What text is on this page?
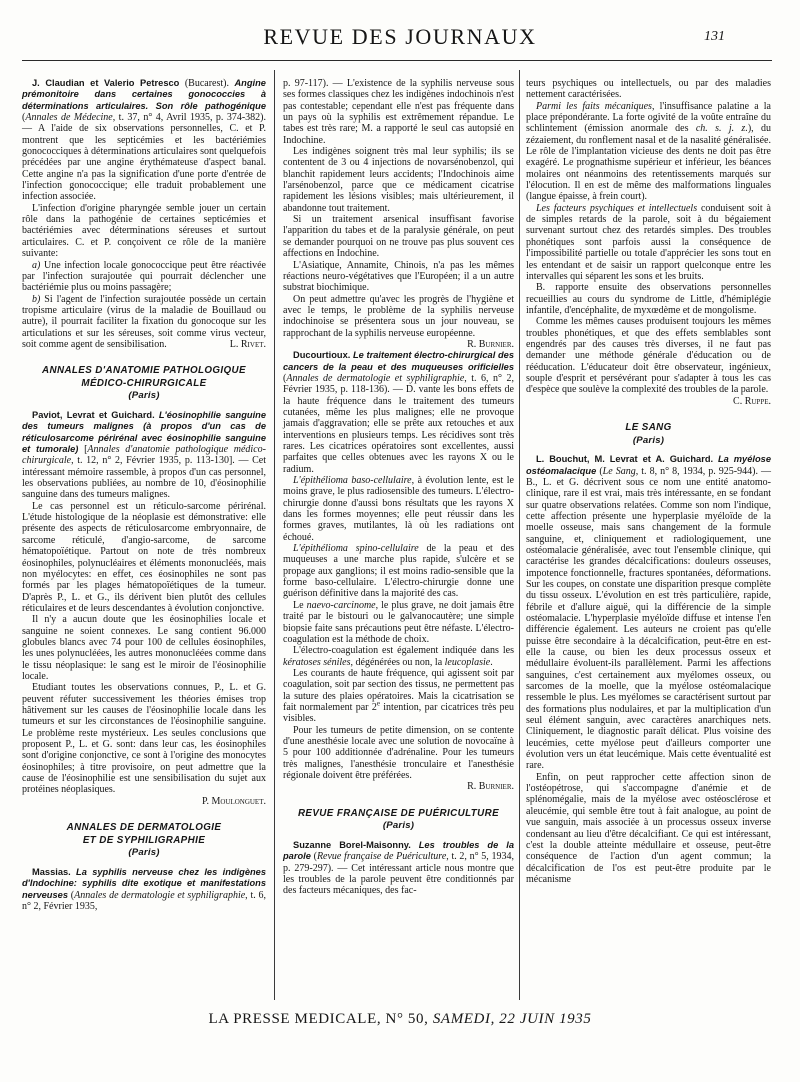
REVUE DES JOURNAUX	131

J. Claudian et Valerio Petresco (Bucarest). Angine prémonitoire dans certaines gonococcies à déterminations articulaires. Son rôle pathogénique (Annales de Médecine, t. 37, n° 4, Avril 1935, p. 374-382). — A l'aide de six observations personnelles, C. et P. montrent que les septicémies et les bactériémies gonococciques à déterminations articulaires sont quelquefois précédées par une angine érythémateuse d'aspect banal. Cette angine n'a pas la signification d'une porte d'entrée de l'infection gonococcique; elle traduit probablement une infection associée.

L'infection d'origine pharyngée semble jouer un certain rôle dans la pathogénie de certaines septicémies et bactériémies avec déterminations séreuses et surtout articulaires. C. et P. conçoivent ce rôle de la manière suivante:

a) Une infection locale gonococcique peut être réactivée par l'infection surajoutée qui pourrait déclencher une bactériémie plus ou moins passagère;

b) Si l'agent de l'infection surajoutée possède un certain tropisme articulaire (virus de la maladie de Bouillaud ou autre), il pourrait faciliter la fixation du gonocoque sur les articulations et sur les séreuses, soit comme virus vecteur, soit comme agent de sensibilisation.	L. Rivet.

ANNALES D'ANATOMIE PATHOLOGIQUE
MÉDICO-CHIRURGICALE
(Paris)

Paviot, Levrat et Guichard. L'éosinophilie sanguine des tumeurs malignes (à propos d'un cas de réticulosarcome périrénal avec éosinophilie sanguine et tumorale) [Annales d'anatomie pathologique médico-chirurgicale, t. 12, n° 2, Février 1935, p. 113-130]. — Cet intéressant mémoire rassemble, à propos d'un cas personnel, les observations publiées, au nombre de 10, d'éosinophilie sanguine dans des tumeurs malignes.

Le cas personnel est un réticulo-sarcome périrénal. L'étude histologique de la néoplasie est démonstrative: elle présente des aspects de réticulosarcome embryonnaire, de sarcome réticulé, d'angio-sarcome, de sarcome hématopoïétique. Partout on note de très nombreux éosinophiles, polynucléaires et éléments mononucléés, mais non myélocytes: en effet, ces éosinophiles ne sont pas formés par les plages hématopoïétiques de la tumeur. D'après P., L. et G., ils dérivent bien plutôt des cellules réticulaires et de leurs descendantes à évolution conjonctive.

Il n'y a aucun doute que les éosinophilies locale et sanguine ne soient connexes. Le sang contient 96.000 globules blancs avec 74 pour 100 de cellules éosinophiles, les unes polynucléées, les autres mononucléées comme dans le tissu néoplasique: le sang est le miroir de l'éosinophilie locale.

Etudiant toutes les observations connues, P., L. et G. peuvent réfuter successivement les théories émises trop hâtivement sur les causes de l'éosinophilie locale dans les tumeurs et sur les circonstances de l'éosinophilie sanguine. Le problème reste mystérieux. Les seules conclusions que proposent P., L. et G. sont: dans leur cas, les éosinophiles sont d'origine conjonctive, ce sont à l'origine des monocytes éosinophiles; à titre provisoire, on peut admettre que la cause de l'éosinophilie est une sensibilisation du sujet aux protéines néoplasiques.

P. Moulonguet.

ANNALES DE DERMATOLOGIE
ET DE SYPHILIGRAPHIE
(Paris)

Massias. La syphilis nerveuse chez les indigènes d'Indochine: syphilis dite exotique et manifestations nerveuses (Annales de dermatologie et syphiligraphie, t. 6, n° 2, Février 1935,

p. 97-117). — L'existence de la syphilis nerveuse sous ses formes classiques chez les indigènes indochinois n'est pas contestable; cependant elle n'est pas fréquente dans un pays où la syphilis est extrêmement répandue. Le tabes est très rare; M. a rapporté le seul cas autopsié en Indochine.

Les indigènes soignent très mal leur syphilis; ils se contentent de 3 ou 4 injections de novarsénobenzol, qui blanchit rapidement leurs accidents; l'Indochinois aime l'arsénobenzol, parce que ce médicament cicatrise rapidement les lésions visibles; mais ultérieurement, il abandonne tout traitement.

Si un traitement arsenical insuffisant favorise l'apparition du tabes et de la paralysie générale, on peut se demander pourquoi on ne trouve pas plus souvent ces affections en Indochine.

L'Asiatique, Annamite, Chinois, n'a pas les mêmes réactions neuro-végétatives que l'Européen; il a un autre substrat biochimique.

On peut admettre qu'avec les progrès de l'hygiène et avec le temps, le problème de la syphilis nerveuse indochinoise se présentera sous un jour nouveau, se rapprochant de la syphilis nerveuse européenne.

R. Burnier.

Ducourtioux. Le traitement électro-chirurgical des cancers de la peau et des muqueuses orificielles (Annales de dermatologie et syphiligraphie, t. 6, n° 2, Février 1935, p. 118-136). — D. vante les bons effets de la haute fréquence dans le traitement des tumeurs cutanées, même les plus malignes; elle ne provoque jamais d'aggravation; elle se prête aux retouches et aux interventions en plusieurs temps. Les récidives sont très rares. Les cicatrices opératoires sont excellentes, aussi parfaites que celles obtenues avec les rayons X ou le radium.

L'épithélioma baso-cellulaire, à évolution lente, est le moins grave, le plus radiosensible des tumeurs. L'électro-chirurgie donne d'aussi bons résultats que les rayons X dans les formes moyennes; elle peut réussir dans les formes graves, mutilantes, là où les radiations ont échoué.

L'épithélioma spino-cellulaire de la peau et des muqueuses a une marche plus rapide, s'ulcère et se propage aux ganglions; il est moins radio-sensible que la forme baso-cellulaire. L'électro-chirurgie donne une guérison définitive dans la majorité des cas.

Le naevo-carcinome, le plus grave, ne doit jamais être traité par le bistouri ou le galvanocautère; une simple biopsie faite sans précautions peut être néfaste. L'électro-coagulation est la méthode de choix.

L'électro-coagulation est également indiquée dans les kératoses séniles, dégénérées ou non, la leucoplasie.

Les courants de haute fréquence, qui agissent soit par coagulation, soit par section des tissus, ne permettent pas la suture des plaies opératoires. Mais la cicatrisation se fait normalement par 2e intention, par cicatrices très peu visibles.

Pour les tumeurs de petite dimension, on se contente d'une anesthésie locale avec une solution de novocaïne à 5 pour 100 additionnée d'adrénaline. Pour les tumeurs très malignes, l'anesthésie tronculaire et l'anesthésie régionale doivent être préférées.

R. Burnier.

REVUE FRANÇAISE DE PUÉRICULTURE
(Paris)

Suzanne Borel-Maisonny. Les troubles de la parole (Revue française de Puériculture, t. 2, n° 5, 1934, p. 279-297). — Cet intéressant article nous montre que les troubles de la parole peuvent être conditionnés par des facteurs mécaniques, des fac-

teurs psychiques ou intellectuels, ou par des maladies nettement caractérisées.

Parmi les faits mécaniques, l'insuffisance palatine a la place prépondérante. La forte ogivité de la voûte entraîne du schlintement (émission anormale des ch. s. j. z.), du zézaiement, du ronflement nasal et de la nasalité généralisée. Le rôle de l'implantation vicieuse des dents ne doit pas être exagéré. Le prognathisme supérieur et inférieur, les béances molaires ont néanmoins des retentissements marqués sur l'élocution. Il en est de même des malformations linguales (langue épaisse, à frein court).

Les facteurs psychiques et intellectuels conduisent soit à de simples retards de la parole, soit à du bégaiement survenant surtout chez des retardés simples. Des troubles phonétiques sont parfois aussi la conséquence de l'impossibilité partielle ou totale d'apprécier les sons tout en les entendant et de saisir un rapport quelconque entre les intervalles qui séparent les sons et les bruits.

B. rapporte ensuite des observations personnelles recueillies au cours du syndrome de Little, d'hémiplégie infantile, d'encéphalite, de myxœdème et de mongolisme.

Comme les mêmes causes produisent toujours les mêmes troubles phonétiques, et que des effets semblables sont engendrés par des causes très diverses, il ne faut pas demander une méthode générale d'éducation ou de rééducation. L'éducateur doit être observateur, ingénieux, souple d'esprit et persévérant pour s'adapter à tous les cas d'espèce que soulève la complexité des troubles de la parole.

C. Ruppe.

LE SANG
(Paris)

L. Bouchut, M. Levrat et A. Guichard. La myélose ostéomalacique (Le Sang, t. 8, n° 8, 1934, p. 925-944). — B., L. et G. décrivent sous ce nom une entité anatomo-clinique, rare il est vrai, mais très intéressante, en se fondant sur quatre observations relatées. Comme son nom l'indique, cette affection présente une hyperplasie myéloïde de la moelle osseuse, mais sans changement de la formule sanguine, et, cliniquement et radiologiquement, une ostéomalacie généralisée, avec tout l'ensemble clinique, qui caractérise les grandes décalcifications: douleurs osseuses, impotence fonctionnelle, fractures spontanées, déformations. Sur les coupes, on constate une disparition presque complète du tissu osseux. L'évolution en est très particulière, rapide, fébrile et d'allure aiguë, qui la différencie de la simple ostéomalacie. L'hyperplasie myéloïde diffuse et intense l'en différencie également. Les auteurs ne croient pas qu'elle puisse être secondaire à la décalcification, peut-être en est-elle la cause, ou bien les deux processus osseux et médullaire évoluent-ils parallèlement. Parmi les affections sanguines, c'est certainement aux myélomes osseux, ou sarcomes de la moelle, que la myélose ostéomalacique ressemble le plus. Les myélomes se caractérisent surtout par des formations plus nodulaires, et par la multiplication d'un seul élément sanguin, avec caractères anarchiques nets. Cliniquement, le diagnostic paraît délicat. Plus voisine des leucémies, cette myélose peut d'ailleurs comporter une évolution vers un état leucémique. Mais cette éventualité est rare.

Enfin, on peut rapprocher cette affection sinon de l'ostéopétrose, qui s'accompagne d'anémie et de splénomégalie, mais de la myélose avec ostéosclérose et aleucémie, qui semble être tout à fait analogue, au point de vue sanguin, mais associée à un processus osseux inverse condensant au lieu d'être décalcifiant. Ce qui est intéressant, c'est la double atteinte médullaire et osseuse, peut-être conséquence de l'action d'un agent commun; la décalcification de l'os est peut-être produite par le mécanisme

LA PRESSE MEDICALE, N° 50, SAMEDI, 22 JUIN 1935
